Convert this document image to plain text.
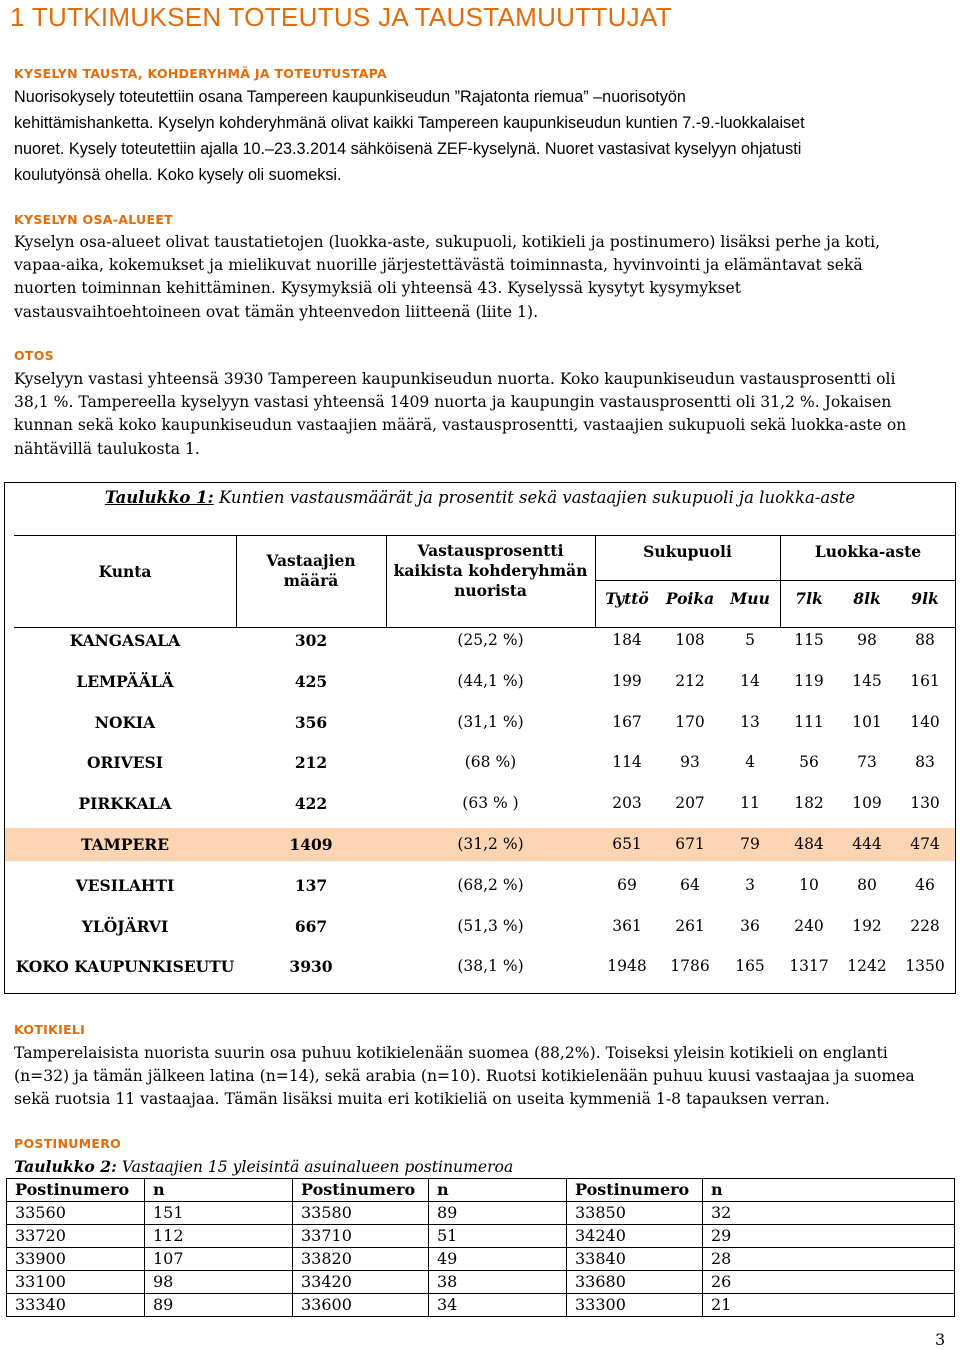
1 TUTKIMUKSEN TOTEUTUS JA TAUSTAMUUTTUJAT
KYSELYN TAUSTA, KOHDERYHMÄ JA TOTEUTUSTAPA
Nuorisokysely toteutettiin osana Tampereen kaupunkiseudun ”Rajatonta riemua” –nuorisotyön
kehittämishanketta. Kyselyn kohderyhmänä olivat kaikki Tampereen kaupunkiseudun kuntien 7.-9.-luokkalaiset
nuoret. Kysely toteutettiin ajalla 10.–23.3.2014 sähköisenä ZEF-kyselynä. Nuoret vastasivat kyselyyn ohjatusti
koulutyönsä ohella. Koko kysely oli suomeksi.
KYSELYN OSA-ALUEET
Kyselyn osa-alueet olivat taustatietojen (luokka-aste, sukupuoli, kotikieli ja postinumero) lisäksi perhe ja koti,
vapaa-aika, kokemukset ja mielikuvat nuorille järjestettävästä toiminnasta, hyvinvointi ja elämäntavat sekä
nuorten toiminnan kehittäminen. Kysymyksiä oli yhteensä 43. Kyselyssä kysytyt kysymykset
vastausvaihtoehtoineen ovat tämän yhteenvedon liitteenä (liite 1).
OTOS
Kyselyyn vastasi yhteensä 3930 Tampereen kaupunkiseudun nuorta. Koko kaupunkiseudun vastausprosentti oli
38,1 %. Tampereella kyselyyn vastasi yhteensä 1409 nuorta ja kaupungin vastausprosentti oli 31,2 %. Jokaisen
kunnan sekä koko kaupunkiseudun vastaajien määrä, vastausprosentti, vastaajien sukupuoli sekä luokka-aste on
nähtävillä taulukosta 1.
Taulukko 1: Kuntien vastausmäärät ja prosentit sekä vastaajien sukupuoli ja luokka-aste
Kunta
Vastaajien
määrä
Vastausprosentti
kaikista kohderyhmän
nuorista
Sukupuoli	Luokka-aste
Tyttö	Poika	Muu	7lk	8lk	9lk
KANGASALA	302	(25,2 %)	184	108	5	115	98	88
LEMPÄÄLÄ	425	(44,1 %)	199	212	14	119	145	161
NOKIA	356	(31,1 %)	167	170	13	111	101	140
ORIVESI	212	(68 %)	114	93	4	56	73	83
PIRKKALA	422	(63 % )	203	207	11	182	109	130
TAMPERE	1409	(31,2 %)	651	671	79	484	444	474
VESILAHTI	137	(68,2 %)	69	64	3	10	80	46
YLÖJÄRVI	667	(51,3 %)	361	261	36	240	192	228
KOKO KAUPUNKISEUTU	3930	(38,1 %)	1948	1786	165	1317	1242	1350
KOTIKIELI
Tamperelaisista nuorista suurin osa puhuu kotikielenään suomea (88,2%). Toiseksi yleisin kotikieli on englanti
(n=32) ja tämän jälkeen latina (n=14), sekä arabia (n=10). Ruotsi kotikielenään puhuu kuusi vastaajaa ja suomea
sekä ruotsia 11 vastaajaa. Tämän lisäksi muita eri kotikieliä on useita kymmeniä 1-8 tapauksen verran.
POSTINUMERO
Taulukko 2: Vastaajien 15 yleisintä asuinalueen postinumeroa
Postinumero	n	Postinumero	n	Postinumero	n
33560	151	33580	89	33850	32
33720	112	33710	51	34240	29
33900	107	33820	49	33840	28
33100	98	33420	38	33680	26
33340	89	33600	34	33300	21
3
